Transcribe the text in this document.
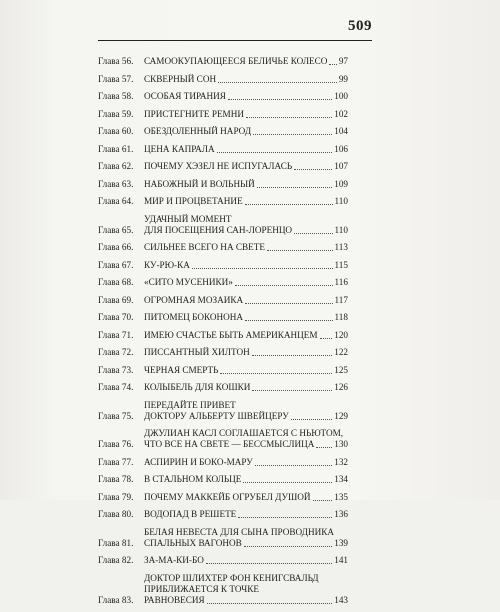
509
Глава 56.	САМООКУПАЮЩЕЕСЯ БЕЛИЧЬЕ КОЛЕСО 97
Глава 57.	СКВЕРНЫЙ СОН	99
Глава 58.	ОСОБАЯ ТИРАНИЯ	100
Глава 59.	ПРИСТЕГНИТЕ РЕМНИ	102
Глава 60.	ОБЕЗДОЛЕННЫЙ НАРОД	104
Глава 61.	ЦЕНА КАПРАЛА	106
Глава 62.	ПОЧЕМУ ХЭЗЕЛ НЕ ИСПУГАЛАСЬ	107
Глава 63.	НАБОЖНЫЙ И ВОЛЬНЫЙ	109
Глава 64.	МИР И ПРОЦВЕТАНИЕ	110
Глава 65.
УДАЧНЫЙ МОМЕНТ
ДЛЯ ПОСЕЩЕНИЯ САН-ЛОРЕНЦО	110
Глава 66.	СИЛЬНЕЕ ВСЕГО НА СВЕТЕ	113
Глава 67.	КУ-РЮ-КА	115
Глава 68.	«СИТО МУСЕНИКИ»	116
Глава 69.	ОГРОМНАЯ МОЗАИКА	117
Глава 70.	ПИТОМЕЦ БОКОНОНА	118
Глава 71.	ИМЕЮ СЧАСТЬЕ БЫТЬ АМЕРИКАНЦЕМ 120
Глава 72.	ПИССАНТНЫЙ ХИЛТОН	122
Глава 73.	ЧЕРНАЯ СМЕРТЬ	125
Глава 74.	КОЛЫБЕЛЬ ДЛЯ КОШКИ	126
Глава 75.
ПЕРЕДАЙТЕ ПРИВЕТ
ДОКТОРУ АЛЬБЕРТУ ШВЕЙЦЕРУ	129
Глава 76.
ДЖУЛИАН КАСЛ СОГЛАШАЕТСЯ С НЬЮТОМ,
ЧТО ВСЕ НА СВЕТЕ — БЕССМЫСЛИЦА 130
Глава 77.	АСПИРИН И БОКО-МАРУ	132
Глава 78.	В СТАЛЬНОМ КОЛЬЦЕ	134
Глава 79.	ПОЧЕМУ МАККЕЙБ ОГРУБЕЛ ДУШОЙ	135
Глава 80.	ВОДОПАД В РЕШЕТЕ	136
Глава 81.
БЕЛАЯ НЕВЕСТА ДЛЯ СЫНА ПРОВОДНИКА
СПАЛЬНЫХ ВАГОНОВ	139
Глава 82.	ЗА-МА-КИ-БО	141
Глава 83.
ДОКТОР ШЛИХТЕР ФОН КЕНИГСВАЛЬД
ПРИБЛИЖАЕТСЯ К ТОЧКЕ
РАВНОВЕСИЯ	143
